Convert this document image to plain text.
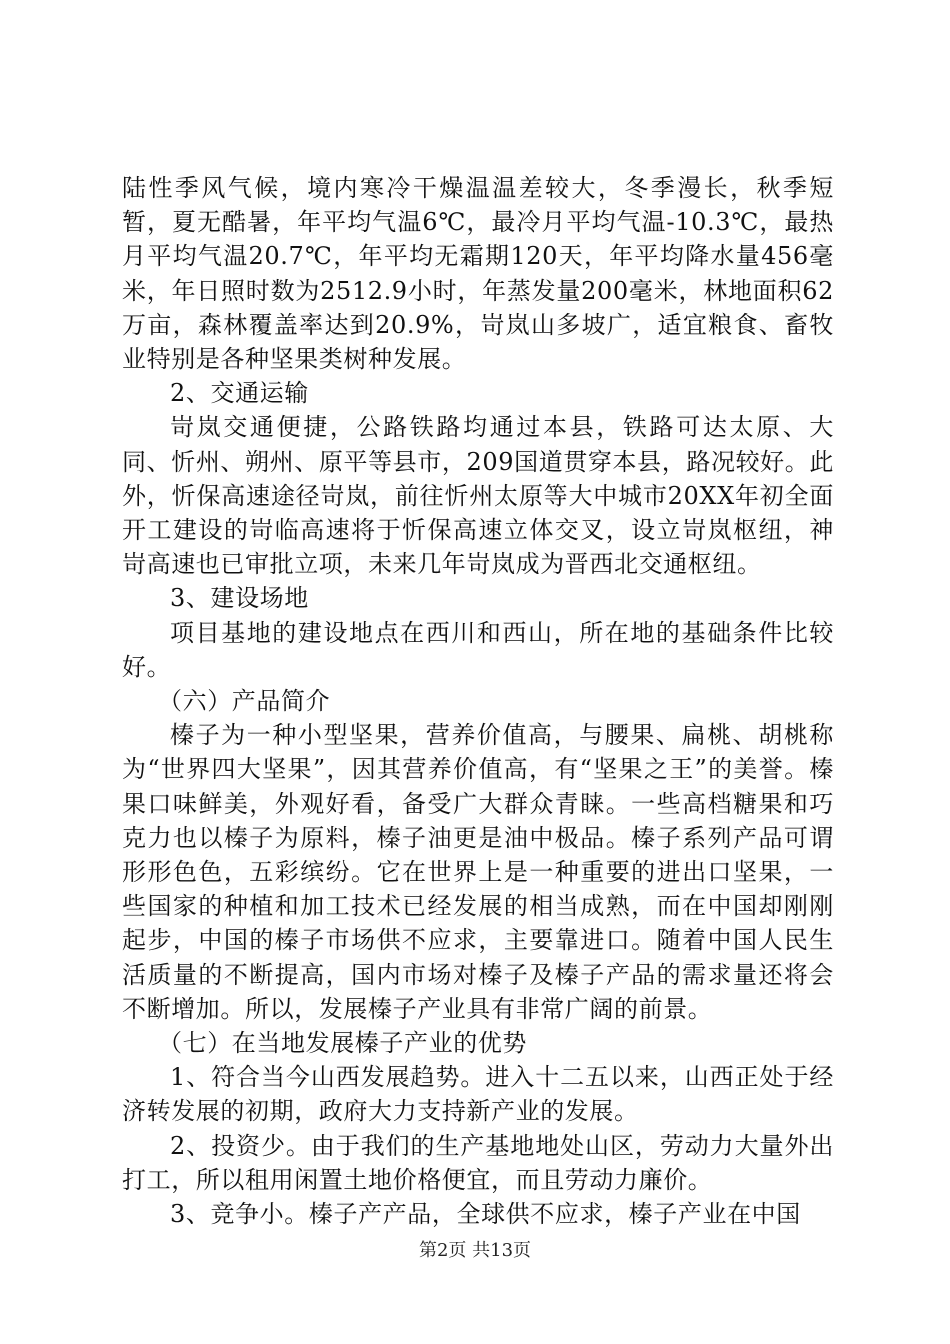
陆性季风气候，境内寒冷干燥温温差较大，冬季漫长，秋季短暂，夏无酷暑，年平均气温6℃，最冷月平均气温-10.3℃，最热月平均气温20.7℃，年平均无霜期120天，年平均降水量456毫米，年日照时数为2512.9小时，年蒸发量200毫米，林地面积62万亩，森林覆盖率达到20.9%，岢岚山多坡广，适宜粮食、畜牧业特别是各种坚果类树种发展。

2、交通运输

岢岚交通便捷，公路铁路均通过本县，铁路可达太原、大同、忻州、朔州、原平等县市，209国道贯穿本县，路况较好。此外，忻保高速途径岢岚，前往忻州太原等大中城市20XX年初全面开工建设的岢临高速将于忻保高速立体交叉，设立岢岚枢纽，神岢高速也已审批立项，未来几年岢岚成为晋西北交通枢纽。

3、建设场地

项目基地的建设地点在西川和西山，所在地的基础条件比较好。

（六）产品简介

榛子为一种小型坚果，营养价值高，与腰果、扁桃、胡桃称为“世界四大坚果”，因其营养价值高，有“坚果之王”的美誉。榛果口味鲜美，外观好看，备受广大群众青睐。一些高档糖果和巧克力也以榛子为原料，榛子油更是油中极品。榛子系列产品可谓形形色色，五彩缤纷。它在世界上是一种重要的进出口坚果，一些国家的种植和加工技术已经发展的相当成熟，而在中国却刚刚起步，中国的榛子市场供不应求，主要靠进口。随着中国人民生活质量的不断提高，国内市场对榛子及榛子产品的需求量还将会不断增加。所以，发展榛子产业具有非常广阔的前景。

（七）在当地发展榛子产业的优势

1、符合当今山西发展趋势。进入十二五以来，山西正处于经济转发展的初期，政府大力支持新产业的发展。

2、投资少。由于我们的生产基地地处山区，劳动力大量外出打工，所以租用闲置土地价格便宜，而且劳动力廉价。

3、竞争小。榛子产产品，全球供不应求，榛子产业在中国

第2页 共13页
